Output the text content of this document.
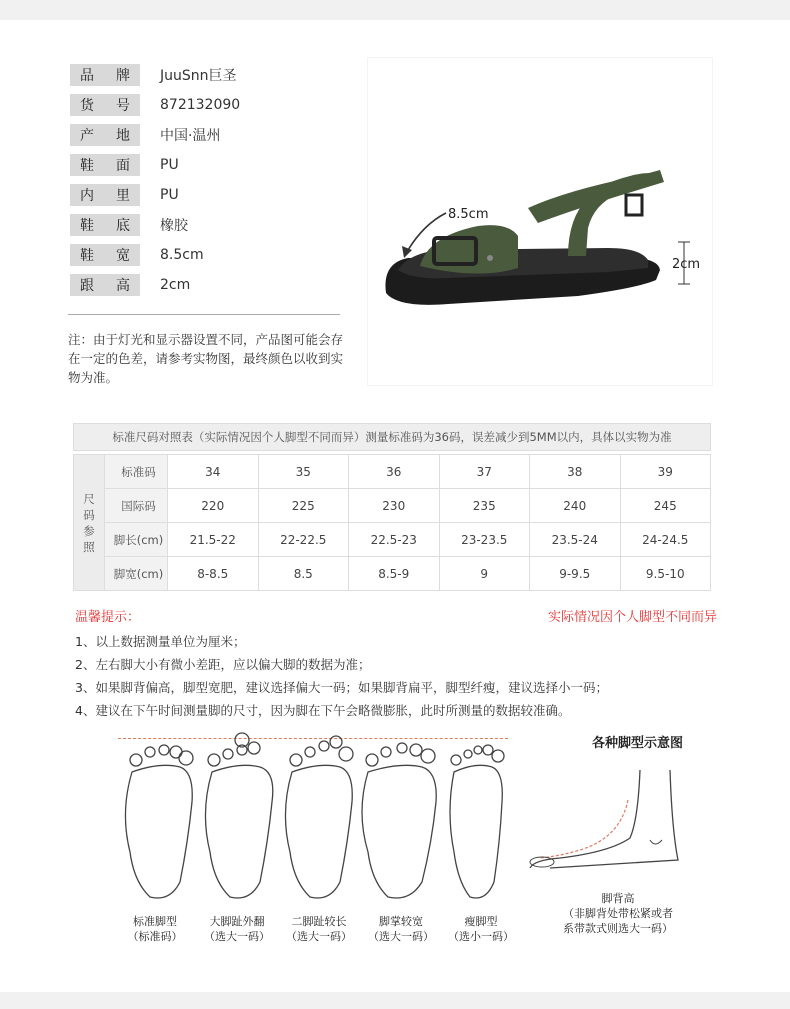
品 牌 JuuSnn巨圣
货 号 872132090
产 地 中国·温州
鞋 面 PU
内 里 PU
鞋 底 橡胶
鞋 宽 8.5cm
跟 高 2cm
注：由于灯光和显示器设置不同，产品图可能会存在一定的色差，请参考实物图，最终颜色以收到实物为准。
8.5cm
2cm
标准尺码对照表（实际情况因个人脚型不同而异）测量标准码为36码，误差减少到5MM以内，具体以实物为准
尺
码
参
照	标准码	34	35	36	37	38	39
	国际码	220	225	230	235	240	245
	脚长(cm)	21.5-22	22-22.5	22.5-23	23-23.5	23.5-24	24-24.5
	脚宽(cm)	8-8.5	8.5	8.5-9	9	9-9.5	9.5-10
温馨提示：	实际情况因个人脚型不同而异
1、以上数据测量单位为厘米；
2、左右脚大小有微小差距，应以偏大脚的数据为准；
3、如果脚背偏高，脚型宽肥，建议选择偏大一码；如果脚背扁平，脚型纤瘦，建议选择小一码；
4、建议在下午时间测量脚的尺寸，因为脚在下午会略微膨胀，此时所测量的数据较准确。
标准脚型
（标准码）
大脚趾外翻
（选大一码）
二脚趾较长
（选大一码）
脚掌较宽
（选大一码）
瘦脚型
（选小一码）
各种脚型示意图
脚背高
（非脚背处带松紧或者
系带款式则选大一码）
